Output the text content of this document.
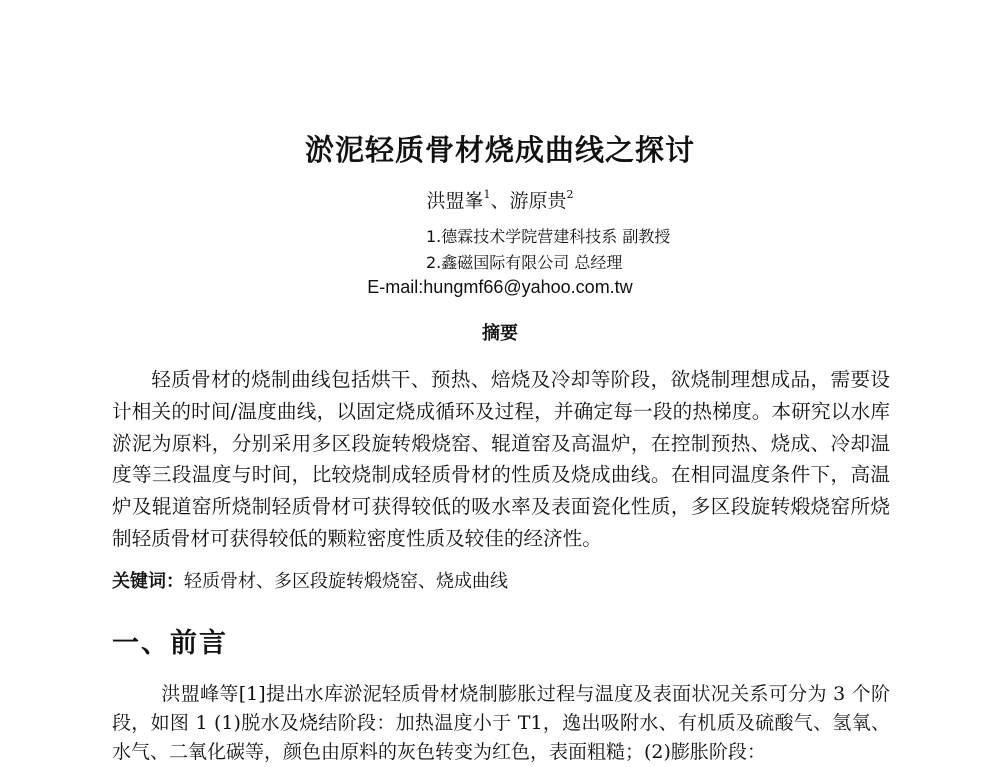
淤泥轻质骨材烧成曲线之探讨
洪盟峯$^1$、游原贵$^2$
1.德霖技术学院营建科技系 副教授
2.鑫磁国际有限公司 总经理
E-mail:hungmf66@yahoo.com.tw
摘要

轻质骨材的烧制曲线包括烘干、预热、焙烧及冷却等阶段，欲烧制理想成品，需要设计相关的时间/温度曲线，以固定烧成循环及过程，并确定每一段的热梯度。本研究以水库淤泥为原料，分别采用多区段旋转煅烧窑、辊道窑及高温炉，在控制预热、烧成、冷却温度等三段温度与时间，比较烧制成轻质骨材的性质及烧成曲线。在相同温度条件下，高温炉及辊道窑所烧制轻质骨材可获得较低的吸水率及表面瓷化性质，多区段旋转煅烧窑所烧制轻质骨材可获得较低的颗粒密度性质及较佳的经济性。

关键词：轻质骨材、多区段旋转煅烧窑、烧成曲线
一、前言

洪盟峰等[1]提出水库淤泥轻质骨材烧制膨胀过程与温度及表面状况关系可分为 3 个阶段，如图 1 (1)脱水及烧结阶段：加热温度小于 T1，逸出吸附水、有机质及硫酸气、氢氧、水气、二氧化碳等，颜色由原料的灰色转变为红色，表面粗糙；(2)膨胀阶段：
